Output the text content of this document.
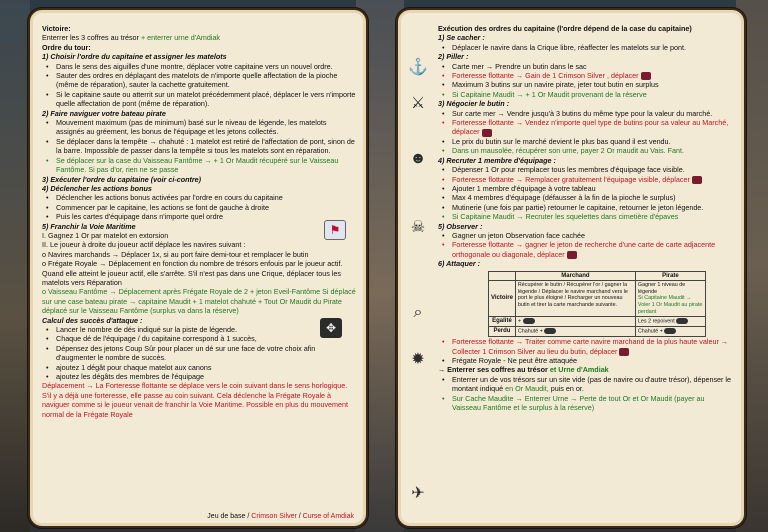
Victoire:
Enterrer les 3 coffres au trésor + enterrer urne d'Amdiak
Ordre du tour:
1) Choisir l'ordre du capitaine et assigner les matelots
• Dans le sens des aiguilles d'une montre, déplacer votre capitaine vers un nouvel ordre.
• Sauter des ordres en déplaçant des matelots de n'importe quelle affectation de la pioche (même de réparation), sauter la cachette gratuitement.
• Si le capitaine saute ou atterrit sur un matelot précédemment placé, déplacer le vers n'importe quelle affectation de pont (même de réparation).
2) Faire naviguer votre bateau pirate
• Mouvement maximum (pas de minimum) basé sur le niveau de légende, les matelots assignés au gréement, les bonus de l'équipage et les jetons collectés.
• Se déplacer dans la tempête → chahuté : 1 matelot est retiré de l'affectation de pont, sinon de la barre. Impossible de passer dans la tempête si tous les matelots sont en réparation.
• Se déplacer sur la case du Vaisseau Fantôme → + 1 Or Maudit récupéré sur le Vaisseau Fantôme. Si pas d'or, rien ne se passe
3) Exécuter l'ordre du capitaine (voir ci-contre)
4) Déclencher les actions bonus
• Déclencher les actions bonus activées par l'ordre en cours du capitaine
• Commencer par le capitaine, les actions se font de gauche à droite
• Puis les cartes d'équipage dans n'importe quel ordre
5) Franchir la Voie Maritime	⚑
I. Gagnez 1 Or par matelot en extorsion
II. Le joueur à droite du joueur actif déplace les navires suivant :
o Navires marchands → Déplacer 1x, si au port faire demi-tour et remplacer le butin
o Frégate Royale → Déplacement en fonction du nombre de trésors enfouis par le joueur actif. Quand elle atteint le joueur actif, elle s'arrête. S'il n'est pas dans une Crique, déplacer tous les matelots vers Réparation
o Vaisseau Fantôme → Déplacement après Frégate Royale de 2 + jeton Eveil-Fantôme Si déplacé sur une case bateau pirate → capitaine Maudit + 1 matelot chahuté + Tout Or Maudit du Pirate déplacé sur le Vaisseau Fantôme (surplus va dans la réserve)
Calcul des succès d'attaque :
✥
• Lancer le nombre de dés indiqué sur la piste de légende.
• Chaque dé de l'équipage / du capitaine correspond à 1 succès,
• Dépensez des jetons Coup Sûr pour placer un dé sur une face de votre choix afin d'augmenter le nombre de succès.
• ajoutez 1 dégât pour chaque matelot aux canons
• ajoutez les dégâts des membres de l'équipage
Déplacement → La Forteresse flottante se déplace vers le coin suivant dans le sens horlogique. S'il y a déjà une forteresse, elle passe au coin suivant. Cela déclenche la Frégate Royale à naviguer comme si le joueur venait de franchir la Voie Maritime. Possible en plus du mouvement normal de la Frégate Royale
Jeu de base / Crimson Silver / Curse of Amdiak
Exécution des ordres du capitaine (l'ordre dépend de la case du capitaine)
⚓
1) Se cacher :
• Déplacer le navire dans la Crique libre, réaffecter les matelots sur le pont.
⚔
2) Piller :
• Carte mer → Prendre un butin dans le sac
• Forteresse flottante → Gain de 1 Crimson Silver , déplacer
• Maximum 3 butins sur un navire pirate, jeter tout butin en surplus
• Si Capitaine Maudit → + 1 Or Maudit provenant de la réserve
☻
3) Négocier le butin :
• Sur carte mer → Vendre jusqu'à 3 butins du même type pour la valeur du marché.
• Forteresse flottante → Vendez n'importe quel type de butins pour sa valeur au Marché, déplacer
• Le prix du butin sur le marché devient le plus bas quand il est vendu.
• Dans un mausolée, récupérer son urne, payer 2 Or maudit au Vais. Fant.
☠
4) Recruter 1 membre d'équipage :
• Dépenser 1 Or pour remplacer tous les membres d'équipage face visible.
• Forteresse flottante → Remplacer gratuitement l'équipage visible, déplacer
• Ajouter 1 membre d'équipage à votre tableau
• Max 4 membres d'équipage (défausser à la fin de la pioche le surplus)
• Mutinerie (une fois par partie) retourner le capitaine, retourner le jeton légende.
• Si Capitaine Maudit → Recruter les squelettes dans cimetière d'épaves
⌕
5) Observer :
• Gagner un jeton Observation face cachée
• Forteresse flottante → gagner le jeton de recherche d'une carte de carte adjacente orthogonale ou diagonale, déplacer
✹
6) Attaquer :
	Marchand	Pirate
Victoire	Récupérer le butin / Récupérer l'or / gagner la légende / Déplacer le navire marchand vers le port le plus éloigné / Recharger un nouveau butin et tirer la carte marchande suivante.	Gagner 1 niveau de légende
Si Capitaine Maudit → Voler 1 Or Maudit au pirate perdant

Egalité	+	Les 2 repoivent
Perdu	Chahuté +	Chahuté +
• Forteresse flottante → Traiter comme carte navire marchand de la plus haute valeur → Collecter 1 Crimson Silver au lieu du butin, déplacer
• Frégate Royale - Ne peut être attaquée
✈
→ Enterrer ses coffres au trésor et Urne d'Amdiak
• Enterrer un de vos trésors sur un site vide (pas de navire ou d'autre trésor), dépenser le montant indiqué en Or Maudit, puis en or.
• Sur Cache Maudite → Enterrer Urne → Perte de tout Or et Or Maudit (payer au Vaisseau Fantôme et le surplus à la réserve)
